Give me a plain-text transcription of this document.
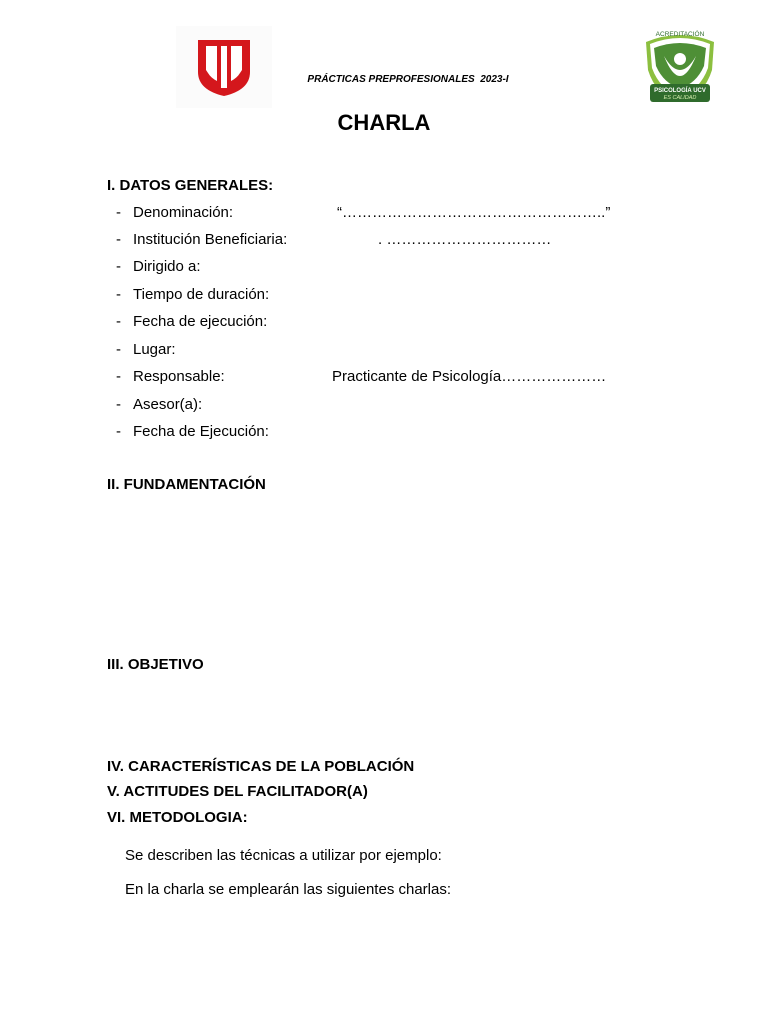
PRÁCTICAS PREPROFESIONALES  2023-I
ACREDITACIÓN
PSICOLOGÍA UCV
ES CALIDAD
CHARLA
I. DATOS GENERALES:
- Denominación:	“……………………………………………..”
- Institución Beneficiaria:	. ……………………………
- Dirigido a:
- Tiempo de duración:
- Fecha de ejecución:
- Lugar:
- Responsable:	Practicante de Psicología…………………
- Asesor(a):
- Fecha de Ejecución:
II. FUNDAMENTACIÓN
III. OBJETIVO
IV. CARACTERÍSTICAS DE LA POBLACIÓN
V. ACTITUDES DEL FACILITADOR(A)
VI. METODOLOGIA:
Se describen las técnicas a utilizar por ejemplo:
En la charla se emplearán las siguientes charlas:
